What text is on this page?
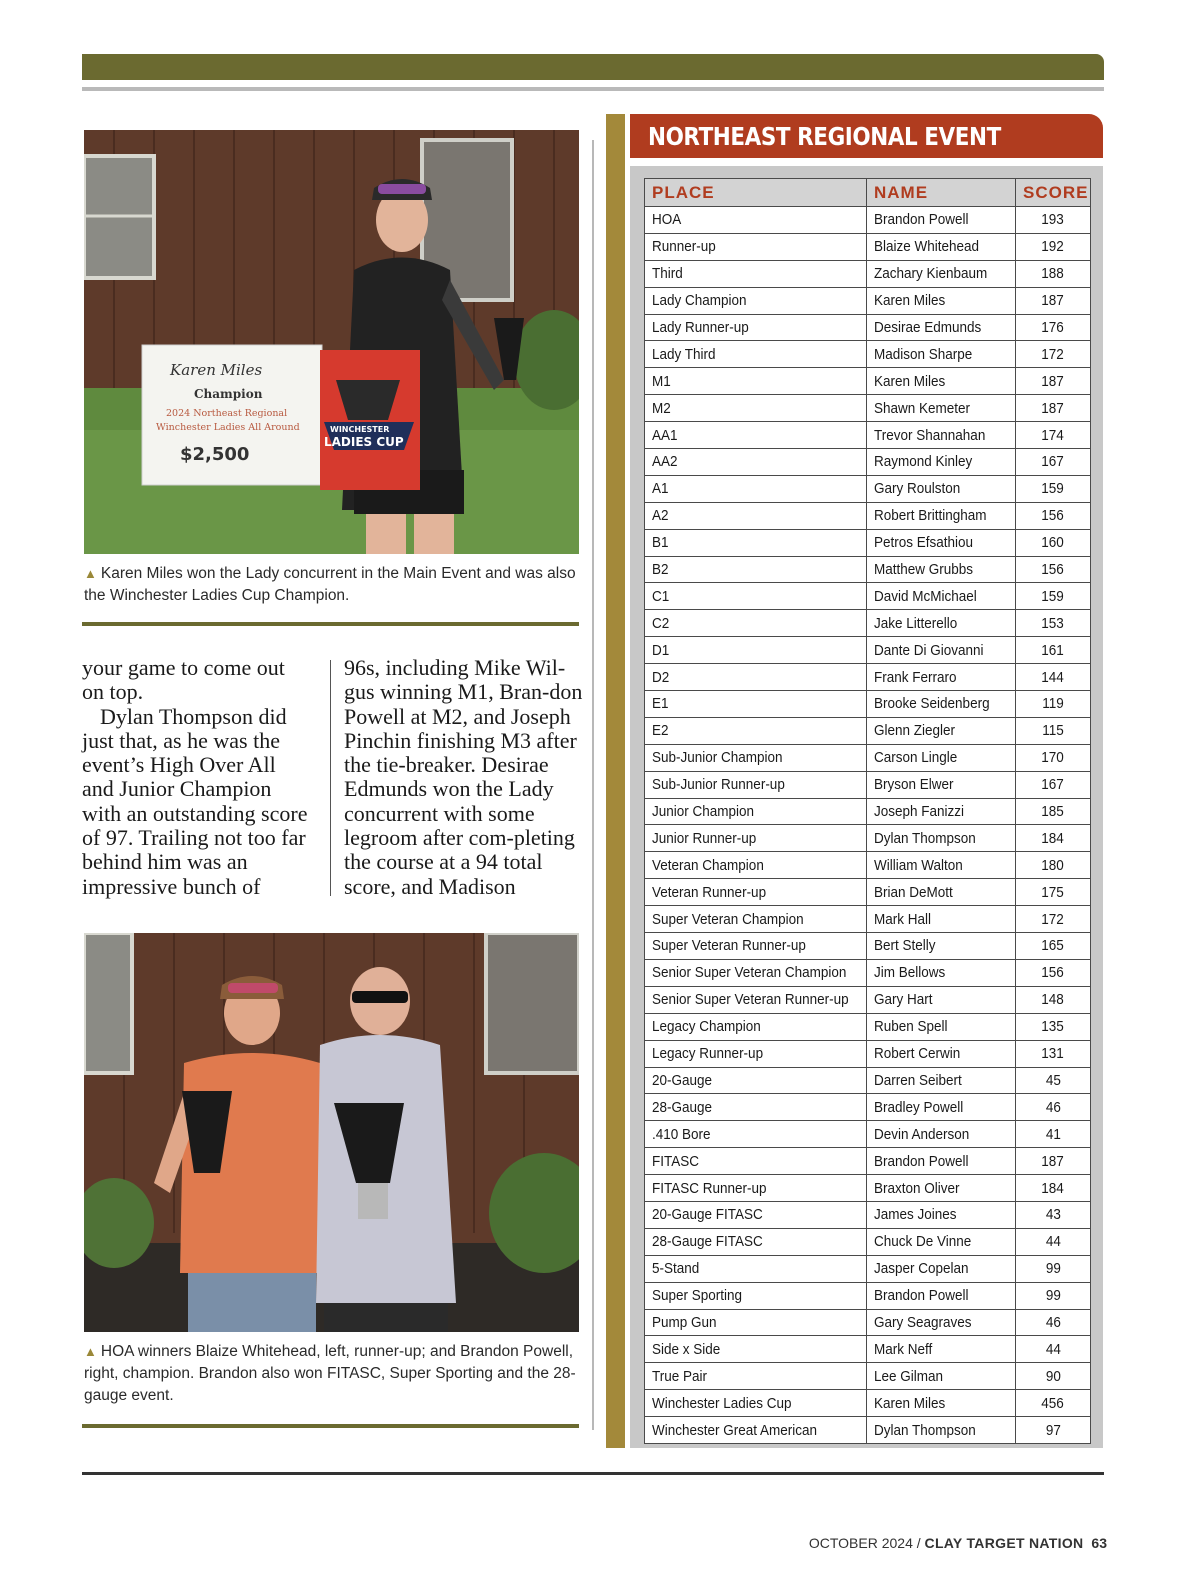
Karen Miles
Champion
2024 Northeast Regional
Winchester Ladies All Around
$2,500
WINCHESTER
LADIES CUP
▲ Karen Miles won the Lady concurrent in the Main Event and was also the Winchester Ladies Cup Champion.
your game to come out on top.
Dylan Thompson did just that, as he was the event’s High Over All and Junior Champion with an outstanding score of 97. Trailing not too far behind him was an impressive bunch of
96s, including Mike Wil-gus winning M1, Bran-don Powell at M2, and Joseph Pinchin finishing M3 after the tie-breaker. Desirae Edmunds won the Lady concurrent with some legroom after com-pleting the course at a 94 total score, and Madison
▲ HOA winners Blaize Whitehead, left, runner-up; and Brandon Powell, right, champion. Brandon also won FITASC, Super Sporting and the 28-gauge event.
NORTHEAST REGIONAL EVENT
PLACE	NAME	SCORE
HOA	Brandon Powell	193
Runner-up	Blaize Whitehead	192
Third	Zachary Kienbaum	188
Lady Champion	Karen Miles	187
Lady Runner-up	Desirae Edmunds	176
Lady Third	Madison Sharpe	172
M1	Karen Miles	187
M2	Shawn Kemeter	187
AA1	Trevor Shannahan	174
AA2	Raymond Kinley	167
A1	Gary Roulston	159
A2	Robert Brittingham	156
B1	Petros Efsathiou	160
B2	Matthew Grubbs	156
C1	David McMichael	159
C2	Jake Litterello	153
D1	Dante Di Giovanni	161
D2	Frank Ferraro	144
E1	Brooke Seidenberg	119
E2	Glenn Ziegler	115
Sub-Junior Champion	Carson Lingle	170
Sub-Junior Runner-up	Bryson Elwer	167
Junior Champion	Joseph Fanizzi	185
Junior Runner-up	Dylan Thompson	184
Veteran Champion	William Walton	180
Veteran Runner-up	Brian DeMott	175
Super Veteran Champion	Mark Hall	172
Super Veteran Runner-up	Bert Stelly	165
Senior Super Veteran Champion	Jim Bellows	156
Senior Super Veteran Runner-up	Gary Hart	148
Legacy Champion	Ruben Spell	135
Legacy Runner-up	Robert Cerwin	131
20-Gauge	Darren Seibert	45
28-Gauge	Bradley Powell	46
.410 Bore	Devin Anderson	41
FITASC	Brandon Powell	187
FITASC Runner-up	Braxton Oliver	184
20-Gauge FITASC	James Joines	43
28-Gauge FITASC	Chuck De Vinne	44
5-Stand	Jasper Copelan	99
Super Sporting	Brandon Powell	99
Pump Gun	Gary Seagraves	46
Side x Side	Mark Neff	44
True Pair	Lee Gilman	90
Winchester Ladies Cup	Karen Miles	456
Winchester Great American	Dylan Thompson	97
OCTOBER 2024 / CLAY TARGET NATION 63
